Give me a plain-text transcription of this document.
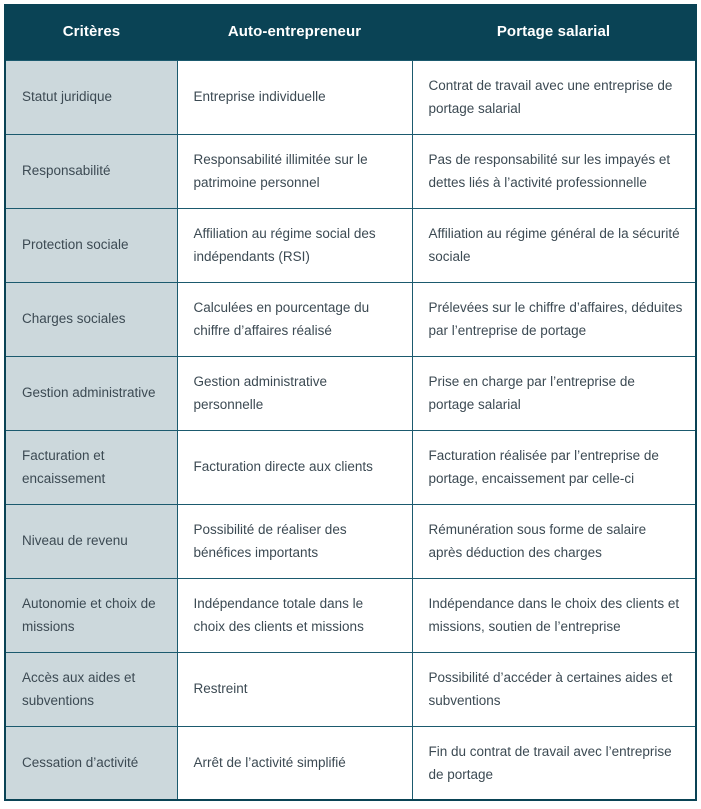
Critères	Auto-entrepreneur	Portage salarial

Statut juridique	Entreprise individuelle	Contrat de travail avec une entreprise de portage salarial

Responsabilité	Responsabilité illimitée sur le patrimoine personnel	Pas de responsabilité sur les impayés et dettes liés à l’activité professionnelle

Protection sociale	Affiliation au régime social des indépendants (RSI)	Affiliation au régime général de la sécurité sociale

Charges sociales	Calculées en pourcentage du chiffre d’affaires réalisé	Prélevées sur le chiffre d’affaires, déduites par l’entreprise de portage

Gestion administrative	Gestion administrative personnelle	Prise en charge par l’entreprise de portage salarial

Facturation et encaissement	Facturation directe aux clients	Facturation réalisée par l’entreprise de portage, encaissement par celle-ci

Niveau de revenu	Possibilité de réaliser des bénéfices importants	Rémunération sous forme de salaire après déduction des charges

Autonomie et choix de missions	Indépendance totale dans le choix des clients et missions	Indépendance dans le choix des clients et missions, soutien de l’entreprise

Accès aux aides et subventions	Restreint	Possibilité d’accéder à certaines aides et subventions

Cessation d’activité	Arrêt de l’activité simplifié	Fin du contrat de travail avec l’entreprise de portage
